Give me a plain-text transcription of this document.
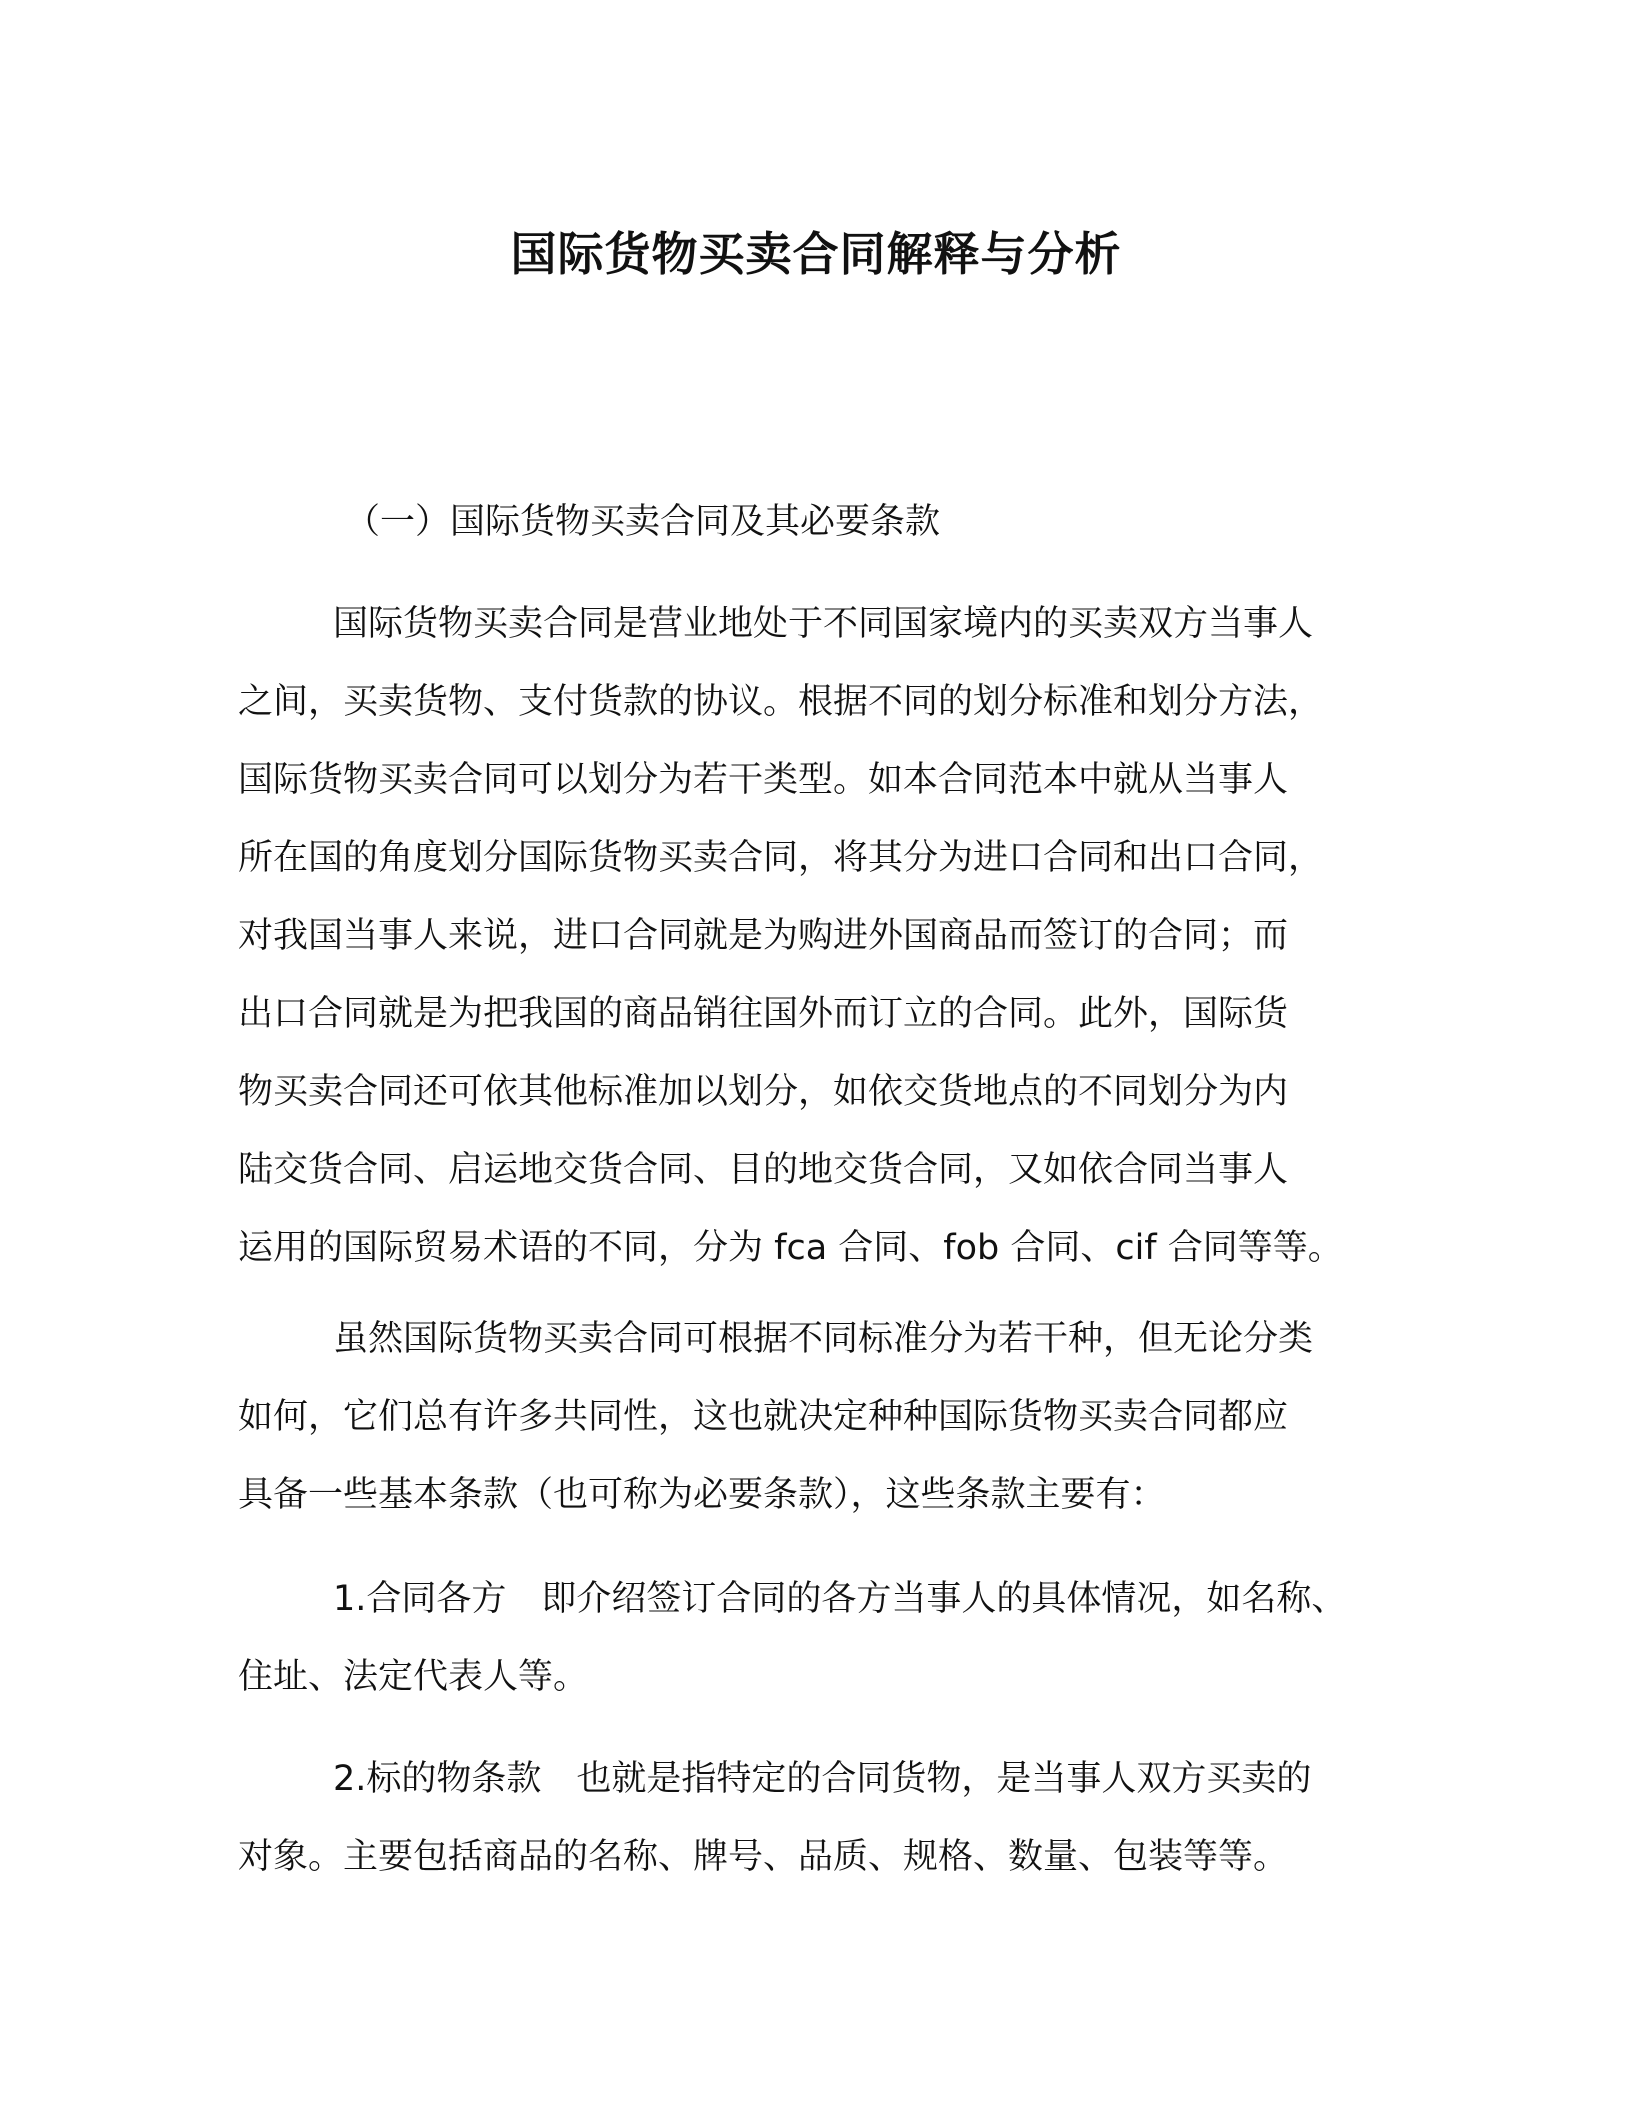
国际货物买卖合同解释与分析
（一）国际货物买卖合同及其必要条款
国际货物买卖合同是营业地处于不同国家境内的买卖双方当事人
之间，买卖货物、支付货款的协议。根据不同的划分标准和划分方法，
国际货物买卖合同可以划分为若干类型。如本合同范本中就从当事人
所在国的角度划分国际货物买卖合同，将其分为进口合同和出口合同，
对我国当事人来说，进口合同就是为购进外国商品而签订的合同；而
出口合同就是为把我国的商品销往国外而订立的合同。此外，国际货
物买卖合同还可依其他标准加以划分，如依交货地点的不同划分为内
陆交货合同、启运地交货合同、目的地交货合同，又如依合同当事人
运用的国际贸易术语的不同，分为 fca 合同、fob 合同、cif 合同等等。
虽然国际货物买卖合同可根据不同标准分为若干种，但无论分类
如何，它们总有许多共同性，这也就决定种种国际货物买卖合同都应
具备一些基本条款（也可称为必要条款），这些条款主要有：
1.合同各方　即介绍签订合同的各方当事人的具体情况，如名称、
住址、法定代表人等。
2.标的物条款　也就是指特定的合同货物，是当事人双方买卖的
对象。主要包括商品的名称、牌号、品质、规格、数量、包装等等。
